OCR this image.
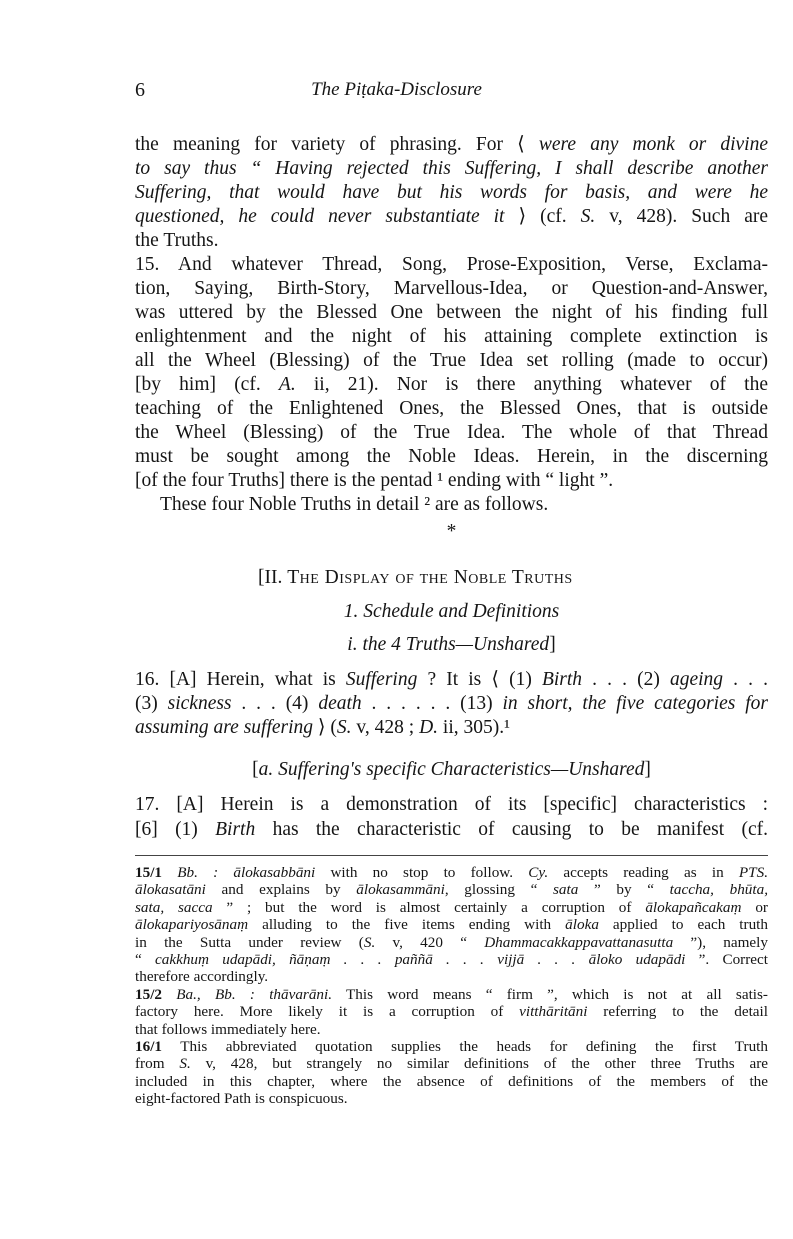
6	The Piṭaka-Disclosure
the meaning for variety of phrasing. For ⟨ were any monk or divine
to say thus “ Having rejected this Suffering, I shall describe another
Suffering, that would have but his words for basis, and were he
questioned, he could never substantiate it ⟩ (cf. S. v, 428). Such are
the Truths.
15. And whatever Thread, Song, Prose-Exposition, Verse, Exclama-
tion, Saying, Birth-Story, Marvellous-Idea, or Question-and-Answer,
was uttered by the Blessed One between the night of his finding full
enlightenment and the night of his attaining complete extinction is
all the Wheel (Blessing) of the True Idea set rolling (made to occur)
[by him] (cf. A. ii, 21). Nor is there anything whatever of the
teaching of the Enlightened Ones, the Blessed Ones, that is outside
the Wheel (Blessing) of the True Idea. The whole of that Thread
must be sought among the Noble Ideas. Herein, in the discerning
[of the four Truths] there is the pentad ¹ ending with “ light ”.
These four Noble Truths in detail ² are as follows.
*
[II. The Display of the Noble Truths
1. Schedule and Definitions
i. the 4 Truths—Unshared]
16. [A] Herein, what is Suffering ? It is ⟨ (1) Birth . . . (2) ageing . . .
(3) sickness . . . (4) death . . . . . . (13) in short, the five categories for
assuming are suffering ⟩ (S. v, 428 ; D. ii, 305).¹
[a. Suffering's specific Characteristics—Unshared]
17. [A] Herein is a demonstration of its [specific] characteristics :
[6] (1) Birth has the characteristic of causing to be manifest (cf.
15/1 Bb. : ālokasabbāni with no stop to follow. Cy. accepts reading as in PTS.
ālokasatāni and explains by ālokasammāni, glossing “ sata ” by “ taccha, bhūta,
sata, sacca ” ; but the word is almost certainly a corruption of ālokapañcakaṃ or
ālokapariyosānaṃ alluding to the five items ending with āloka applied to each truth
in the Sutta under review (S. v, 420 “ Dhammacakkappavattanasutta ”), namely
“ cakkhuṃ udapādi, ñāṇaṃ . . . paññā . . . vijjā . . . āloko udapādi ”. Correct
therefore accordingly.
15/2 Ba., Bb. : thāvarāni. This word means “ firm ”, which is not at all satis-
factory here. More likely it is a corruption of vitthāritāni referring to the detail
that follows immediately here.
16/1 This abbreviated quotation supplies the heads for defining the first Truth
from S. v, 428, but strangely no similar definitions of the other three Truths are
included in this chapter, where the absence of definitions of the members of the
eight-factored Path is conspicuous.
